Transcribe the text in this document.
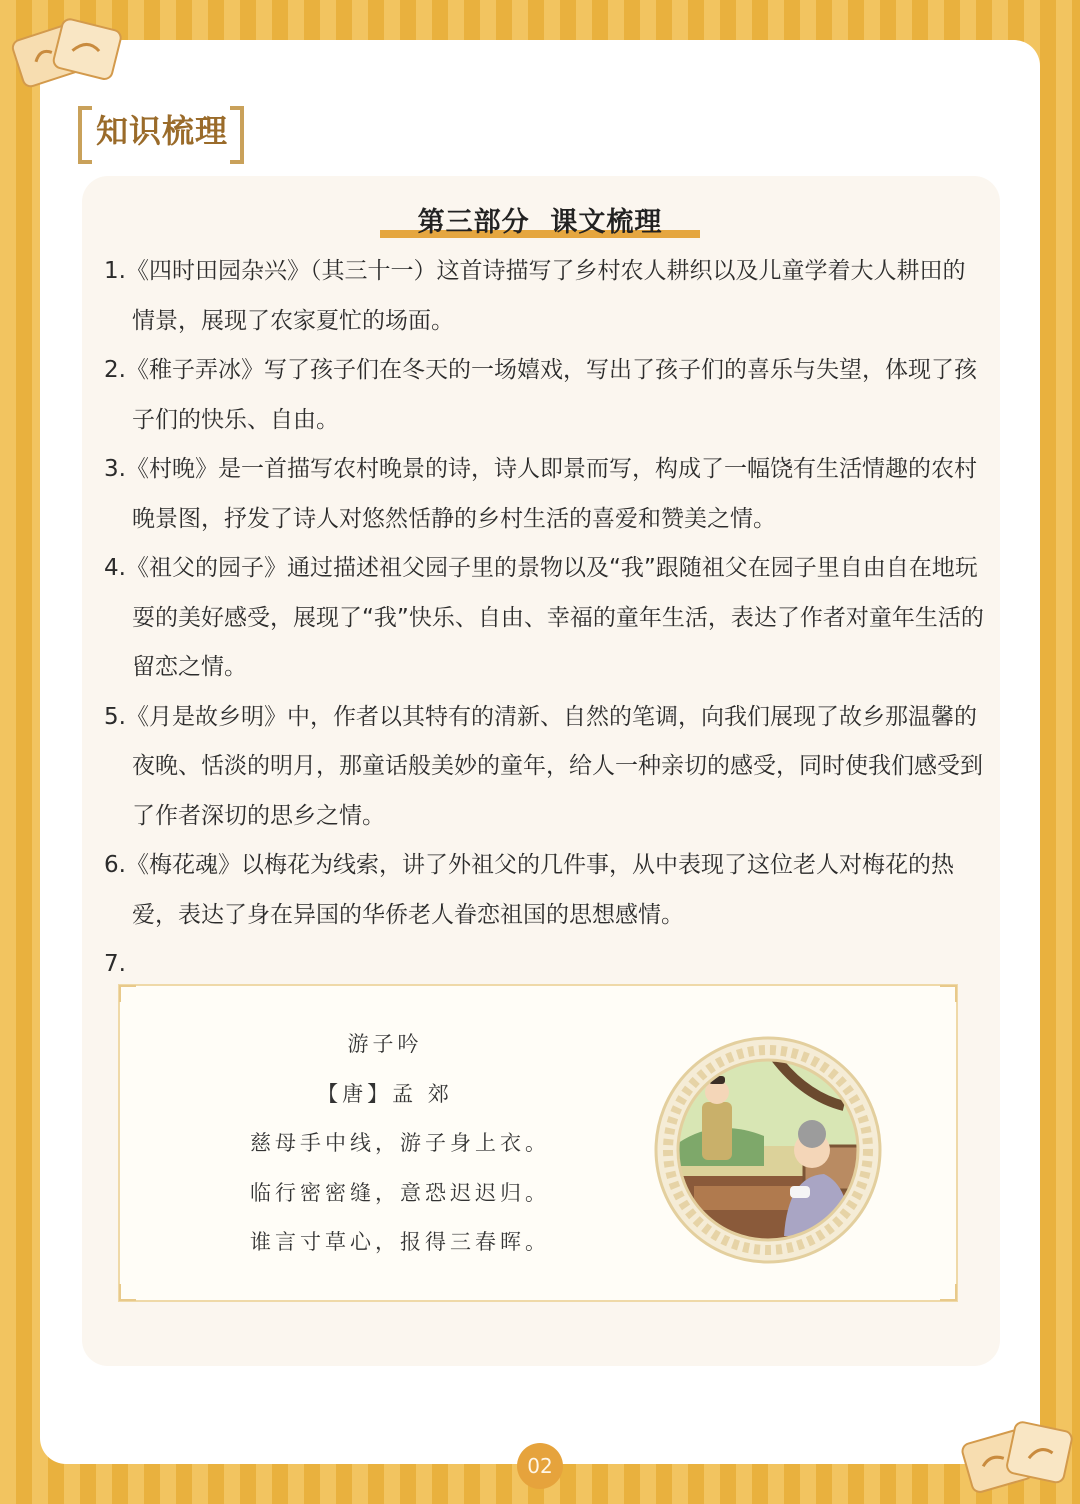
知识梳理
第三部分  课文梳理

1.《四时田园杂兴》（其三十一）这首诗描写了乡村农人耕织以及儿童学着大人耕田的情景，展现了农家夏忙的场面。

2.《稚子弄冰》写了孩子们在冬天的一场嬉戏，写出了孩子们的喜乐与失望，体现了孩子们的快乐、自由。

3.《村晚》是一首描写农村晚景的诗，诗人即景而写，构成了一幅饶有生活情趣的农村晚景图，抒发了诗人对悠然恬静的乡村生活的喜爱和赞美之情。

4.《祖父的园子》通过描述祖父园子里的景物以及“我”跟随祖父在园子里自由自在地玩耍的美好感受，展现了“我”快乐、自由、幸福的童年生活，表达了作者对童年生活的留恋之情。

5.《月是故乡明》中，作者以其特有的清新、自然的笔调，向我们展现了故乡那温馨的夜晚、恬淡的明月，那童话般美妙的童年，给人一种亲切的感受，同时使我们感受到了作者深切的思乡之情。

6.《梅花魂》以梅花为线索，讲了外祖父的几件事，从中表现了这位老人对梅花的热爱，表达了身在异国的华侨老人眷恋祖国的思想感情。

7.

游子吟
【唐】孟 郊
慈母手中线，游子身上衣。
临行密密缝，意恐迟迟归。
谁言寸草心，报得三春晖。
02
